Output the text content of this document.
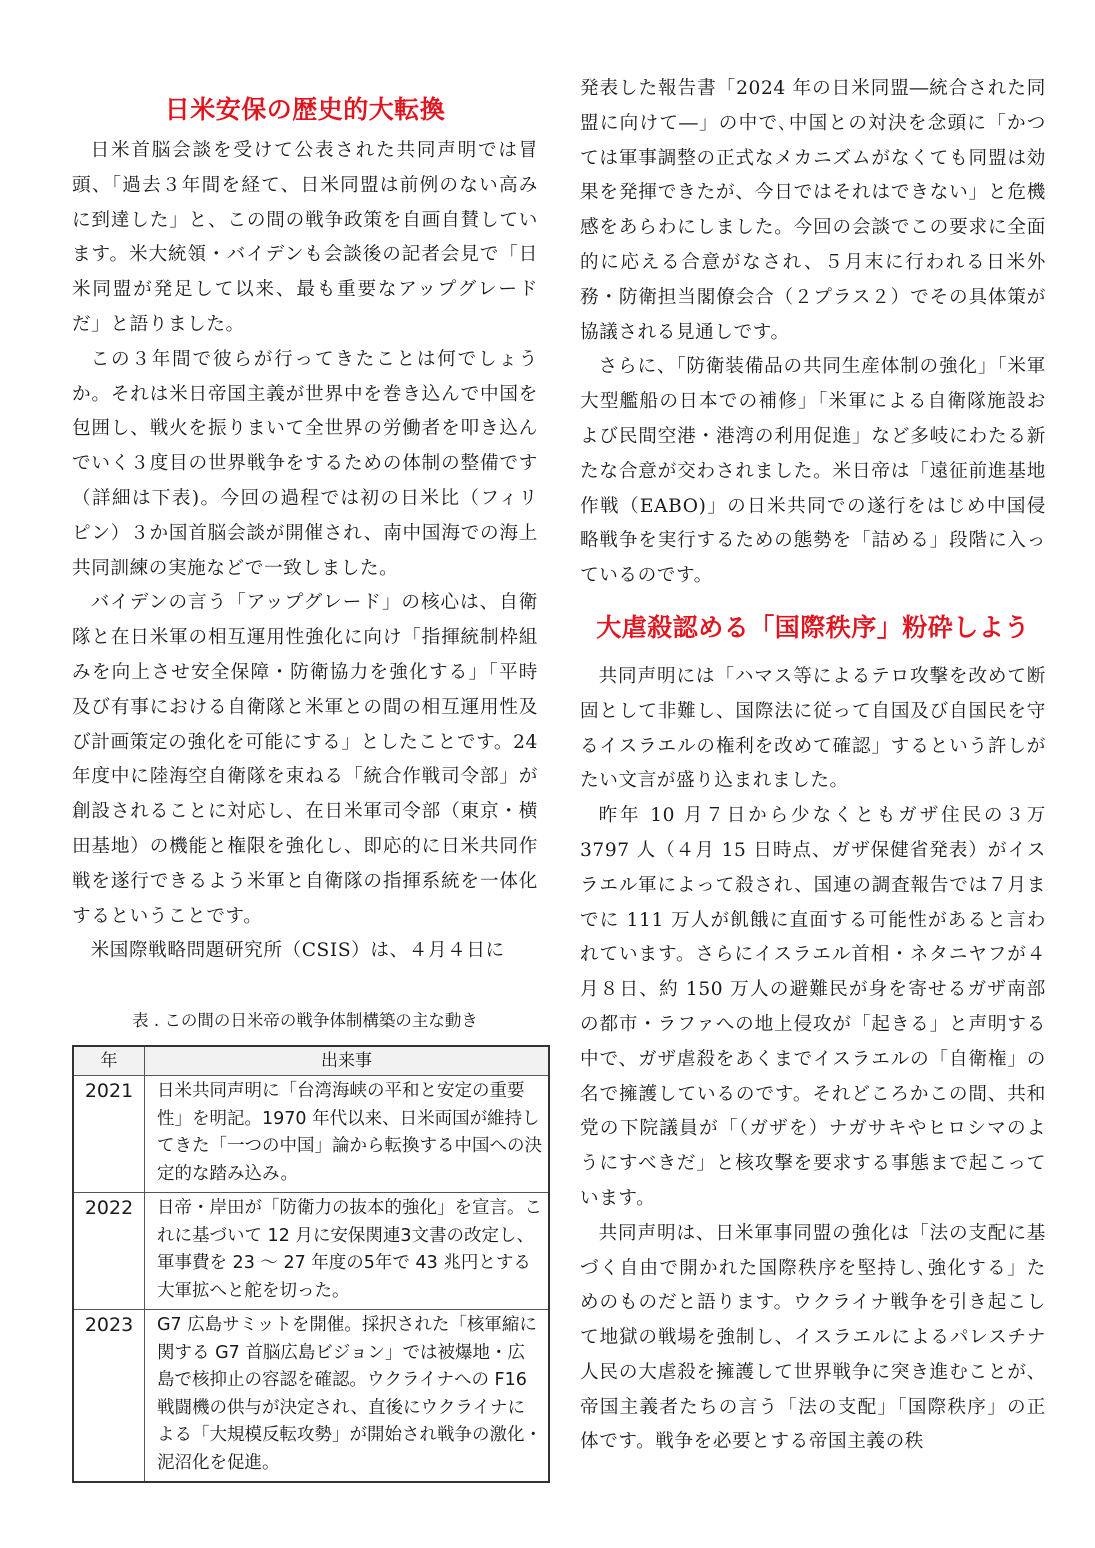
日米安保の歴史的大転換

日米首脳会談を受けて公表された共同声明では冒頭、「過去３年間を経て、日米同盟は前例のない高みに到達した」と、この間の戦争政策を自画自賛しています。米大統領・バイデンも会談後の記者会見で「日米同盟が発足して以来、最も重要なアップグレードだ」と語りました。

この３年間で彼らが行ってきたことは何でしょうか。それは米日帝国主義が世界中を巻き込んで中国を包囲し、戦火を振りまいて全世界の労働者を叩き込んでいく３度目の世界戦争をするための体制の整備です（詳細は下表)。今回の過程では初の日米比（フィリピン）３か国首脳会談が開催され、南中国海での海上共同訓練の実施などで一致しました。

バイデンの言う「アップグレード」の核心は、自衛隊と在日米軍の相互運用性強化に向け「指揮統制枠組みを向上させ安全保障・防衛協力を強化する」「平時及び有事における自衛隊と米軍との間の相互運用性及び計画策定の強化を可能にする」としたことです。24 年度中に陸海空自衛隊を束ねる「統合作戦司令部」が創設されることに対応し、在日米軍司令部（東京・横田基地）の機能と権限を強化し、即応的に日米共同作戦を遂行できるよう米軍と自衛隊の指揮系統を一体化するということです。

米国際戦略問題研究所（CSIS）は、４月４日に

表 . この間の日米帝の戦争体制構築の主な動き
年	出来事
2021	日米共同声明に「台湾海峡の平和と安定の重要性」を明記。1970 年代以来、日米両国が維持してきた「一つの中国」論から転換する中国への決定的な踏み込み。
2022	日帝・岸田が「防衛力の抜本的強化」を宣言。これに基づいて 12 月に安保関連3文書の改定し、軍事費を 23 ～ 27 年度の5年で 43 兆円とする大軍拡へと舵を切った。
2023	G7 広島サミットを開催。採択された「核軍縮に関する G7 首脳広島ビジョン」では被爆地・広島で核抑止の容認を確認。ウクライナへの F16 戦闘機の供与が決定され、直後にウクライナによる「大規模反転攻勢」が開始され戦争の激化・泥沼化を促進。

発表した報告書「2024 年の日米同盟―統合された同盟に向けて―」の中で､中国との対決を念頭に「かつては軍事調整の正式なメカニズムがなくても同盟は効果を発揮できたが、今日ではそれはできない」と危機感をあらわにしました。今回の会談でこの要求に全面的に応える合意がなされ、５月末に行われる日米外務・防衛担当閣僚会合（２プラス２）でその具体策が協議される見通しです。

さらに、「防衛装備品の共同生産体制の強化」「米軍大型艦船の日本での補修」「米軍による自衛隊施設および民間空港・港湾の利用促進」など多岐にわたる新たな合意が交わされました。米日帝は「遠征前進基地作戦（EABO)」の日米共同での遂行をはじめ中国侵略戦争を実行するための態勢を「詰める」段階に入っているのです。

大虐殺認める「国際秩序」粉砕しよう

共同声明には「ハマス等によるテロ攻撃を改めて断固として非難し、国際法に従って自国及び自国民を守るイスラエルの権利を改めて確認」するという許しがたい文言が盛り込まれました。

昨年 10 月７日から少なくともガザ住民の３万 3797 人（４月 15 日時点、ガザ保健省発表）がイスラエル軍によって殺され、国連の調査報告では７月までに 111 万人が飢餓に直面する可能性があると言われています。さらにイスラエル首相・ネタニヤフが４月８日、約 150 万人の避難民が身を寄せるガザ南部の都市・ラファへの地上侵攻が「起きる」と声明する中で、ガザ虐殺をあくまでイスラエルの「自衛権」の名で擁護しているのです。それどころかこの間、共和党の下院議員が「（ガザを）ナガサキやヒロシマのようにすべきだ」と核攻撃を要求する事態まで起こっています。

共同声明は、日米軍事同盟の強化は「法の支配に基づく自由で開かれた国際秩序を堅持し､強化する」ためのものだと語ります。ウクライナ戦争を引き起こして地獄の戦場を強制し、イスラエルによるパレスチナ人民の大虐殺を擁護して世界戦争に突き進むことが、帝国主義者たちの言う「法の支配」「国際秩序」の正体です。戦争を必要とする帝国主義の秩
